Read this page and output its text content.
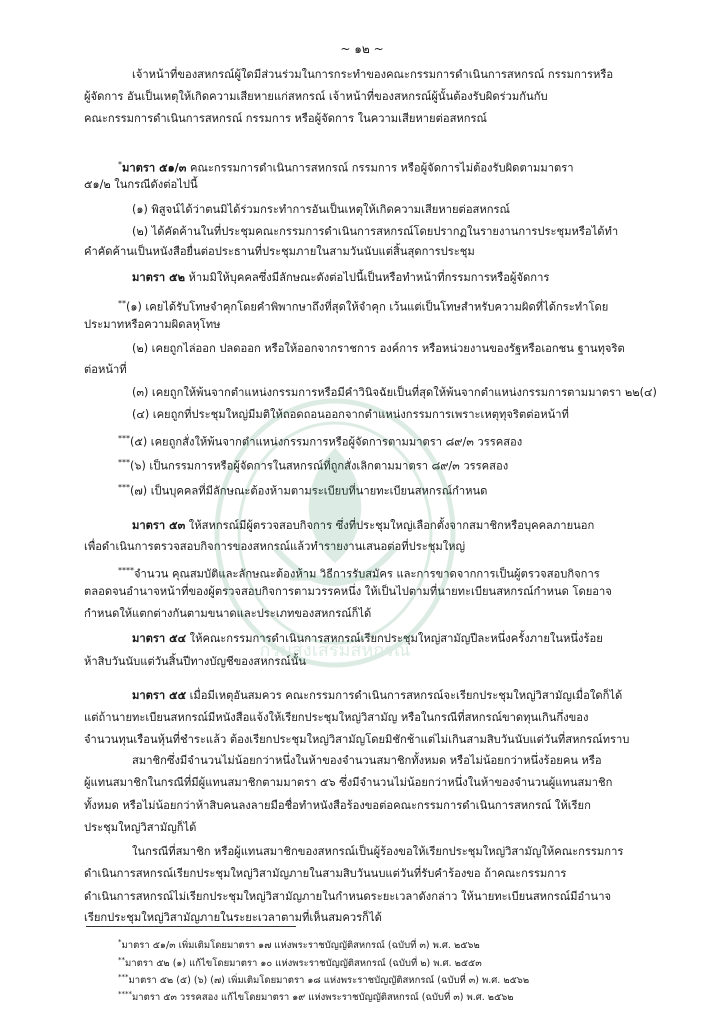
~ ๑๒ ~
เจ้าหน้าที่ของสหกรณ์ผู้ใดมีส่วนร่วมในการกระทำของคณะกรรมการดำเนินการสหกรณ์ กรรมการหรือ
ผู้จัดการ อันเป็นเหตุให้เกิดความเสียหายแก่สหกรณ์ เจ้าหน้าที่ของสหกรณ์ผู้นั้นต้องรับผิดร่วมกันกับ
คณะกรรมการดำเนินการสหกรณ์ กรรมการ หรือผู้จัดการ ในความเสียหายต่อสหกรณ์
*มาตรา ๕๑/๓ คณะกรรมการดำเนินการสหกรณ์ กรรมการ หรือผู้จัดการไม่ต้องรับผิดตามมาตรา
๕๑/๒ ในกรณีดังต่อไปนี้
(๑) พิสูจน์ได้ว่าตนมิได้ร่วมกระทำการอันเป็นเหตุให้เกิดความเสียหายต่อสหกรณ์
(๒) ได้คัดค้านในที่ประชุมคณะกรรมการดำเนินการสหกรณ์โดยปรากฏในรายงานการประชุมหรือได้ทำ
คำคัดค้านเป็นหนังสือยื่นต่อประธานที่ประชุมภายในสามวันนับแต่สิ้นสุดการประชุม
มาตรา ๕๒ ห้ามมิให้บุคคลซึ่งมีลักษณะดังต่อไปนี้เป็นหรือทำหน้าที่กรรมการหรือผู้จัดการ
**(๑) เคยได้รับโทษจำคุกโดยคำพิพากษาถึงที่สุดให้จำคุก เว้นแต่เป็นโทษสำหรับความผิดที่ได้กระทำโดย
ประมาทหรือความผิดลหุโทษ
(๒) เคยถูกไล่ออก ปลดออก หรือให้ออกจากราชการ องค์การ หรือหน่วยงานของรัฐหรือเอกชน ฐานทุจริต
ต่อหน้าที่
(๓) เคยถูกให้พ้นจากตำแหน่งกรรมการหรือมีคำวินิจฉัยเป็นที่สุดให้พ้นจากตำแหน่งกรรมการตามมาตรา ๒๒(๔)
(๔) เคยถูกที่ประชุมใหญ่มีมติให้ถอดถอนออกจากตำแหน่งกรรมการเพราะเหตุทุจริตต่อหน้าที่
***(๕) เคยถูกสั่งให้พ้นจากตำแหน่งกรรมการหรือผู้จัดการตามมาตรา ๘๙/๓ วรรคสอง
***(๖) เป็นกรรมการหรือผู้จัดการในสหกรณ์ที่ถูกสั่งเลิกตามมาตรา ๘๙/๓ วรรคสอง
***(๗) เป็นบุคคลที่มีลักษณะต้องห้ามตามระเบียบที่นายทะเบียนสหกรณ์กำหนด
มาตรา ๕๓ ให้สหกรณ์มีผู้ตรวจสอบกิจการ ซึ่งที่ประชุมใหญ่เลือกตั้งจากสมาชิกหรือบุคคลภายนอก
เพื่อดำเนินการตรวจสอบกิจการของสหกรณ์แล้วทำรายงานเสนอต่อที่ประชุมใหญ่
****จำนวน คุณสมบัติและลักษณะต้องห้าม วิธีการรับสมัคร และการขาดจากการเป็นผู้ตรวจสอบกิจการ
ตลอดจนอำนาจหน้าที่ของผู้ตรวจสอบกิจการตามวรรคหนึ่ง ให้เป็นไปตามที่นายทะเบียนสหกรณ์กำหนด โดยอาจ
กำหนดให้แตกต่างกันตามขนาดและประเภทของสหกรณ์ก็ได้
มาตรา ๕๔ ให้คณะกรรมการดำเนินการสหกรณ์เรียกประชุมใหญ่สามัญปีละหนึ่งครั้งภายในหนึ่งร้อย
ห้าสิบวันนับแต่วันสิ้นปีทางบัญชีของสหกรณ์นั้น
มาตรา ๕๕ เมื่อมีเหตุอันสมควร คณะกรรมการดำเนินการสหกรณ์จะเรียกประชุมใหญ่วิสามัญเมื่อใดก็ได้
แต่ถ้านายทะเบียนสหกรณ์มีหนังสือแจ้งให้เรียกประชุมใหญ่วิสามัญ หรือในกรณีที่สหกรณ์ขาดทุนเกินกึ่งของ
จำนวนทุนเรือนหุ้นที่ชำระแล้ว ต้องเรียกประชุมใหญ่วิสามัญโดยมิชักช้าแต่ไม่เกินสามสิบวันนับแต่วันที่สหกรณ์ทราบ
สมาชิกซึ่งมีจำนวนไม่น้อยกว่าหนึ่งในห้าของจำนวนสมาชิกทั้งหมด หรือไม่น้อยกว่าหนึ่งร้อยคน หรือ
ผู้แทนสมาชิกในกรณีที่มีผู้แทนสมาชิกตามมาตรา ๕๖ ซึ่งมีจำนวนไม่น้อยกว่าหนึ่งในห้าของจำนวนผู้แทนสมาชิก
ทั้งหมด หรือไม่น้อยกว่าห้าสิบคนลงลายมือชื่อทำหนังสือร้องขอต่อคณะกรรมการดำเนินการสหกรณ์ ให้เรียก
ประชุมใหญ่วิสามัญก็ได้
ในกรณีที่สมาชิก หรือผู้แทนสมาชิกของสหกรณ์เป็นผู้ร้องขอให้เรียกประชุมใหญ่วิสามัญให้คณะกรรมการ
ดำเนินการสหกรณ์เรียกประชุมใหญ่วิสามัญภายในสามสิบวันนบแต่วันที่รับคำร้องขอ ถ้าคณะกรรมการ
ดำเนินการสหกรณ์ไม่เรียกประชุมใหญ่วิสามัญภายในกำหนดระยะเวลาดังกล่าว ให้นายทะเบียนสหกรณ์มีอำนาจ
เรียกประชุมใหญ่วิสามัญภายในระยะเวลาตามที่เห็นสมควรก็ได้
กรมส่งเสริมสหกรณ์
*มาตรา ๕๑/๓ เพิ่มเติมโดยมาตรา ๑๗ แห่งพระราชบัญญัติสหกรณ์ (ฉบับที่ ๓) พ.ศ. ๒๕๖๒
**มาตรา ๕๒ (๑) แก้ไขโดยมาตรา ๑๐ แห่งพระราชบัญญัติสหกรณ์ (ฉบับที่ ๒) พ.ศ. ๒๕๕๓
***มาตรา ๕๒ (๕) (๖) (๗) เพิ่มเติมโดยมาตรา ๑๘ แห่งพระราชบัญญัติสหกรณ์ (ฉบับที่ ๓) พ.ศ. ๒๕๖๒
****มาตรา ๕๓ วรรคสอง แก้ไขโดยมาตรา ๑๙ แห่งพระราชบัญญัติสหกรณ์ (ฉบับที่ ๓) พ.ศ. ๒๕๖๒
